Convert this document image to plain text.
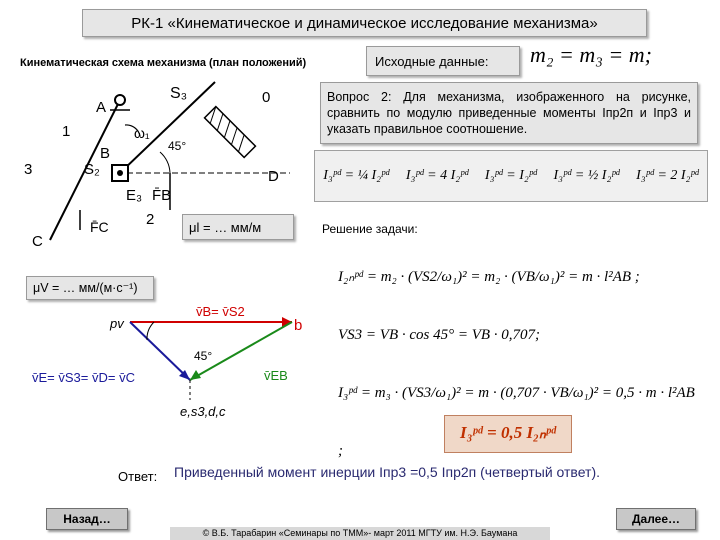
РК-1 «Кинематическое и динамическое исследование механизма»
Исходные данные:	m₂ = m₃ = m;
Кинематическая схема механизма (план положений)
A
1
3	S₂
B
ω₁
S₃	0
45°
D
E₃ F̄B
2
F̄C
C
μl = … мм/м
Вопрос 2: Для механизма, изображенного на рисунке, сравнить по модулю приведенные моменты Iпр2п и Iпр3 и указать правильное соотношение.
I₃ᵖᵈ = ¼ I₂ᵖᵈ I₃ᵖᵈ = 4 I₂ᵖᵈ I₃ᵖᵈ = I₂ᵖᵈ I₃ᵖᵈ = ½ I₂ᵖᵈ I₃ᵖᵈ = 2 I₂ᵖᵈ
Решение задачи:
μV = … мм/(м·с⁻¹)
pv
v̄B= v̄S2
b
45°
v̄E= v̄S3= v̄D= v̄C	v̄EB
e,s3,d,c
I₂ₙᵖᵈ = m₂ · (VS2/ω₁)² = m₂ · (VB/ω₁)² = m · l²AB ;
VS3 = VB · cos 45° = VB · 0,707;
I₃ᵖᵈ = m₃ · (VS3/ω₁)² = m · (0,707 · VB/ω₁)² = 0,5 · m · l²AB ;
I₃ᵖᵈ = 0,5 I₂ₙᵖᵈ
Ответ: Приведенный момент инерции Iпр3 =0,5 Iпр2п (четвертый ответ).
Назад…	Далее…
© В.Б. Тарабарин «Семинары по ТММ»- март 2011 МГТУ им. Н.Э. Баумана
